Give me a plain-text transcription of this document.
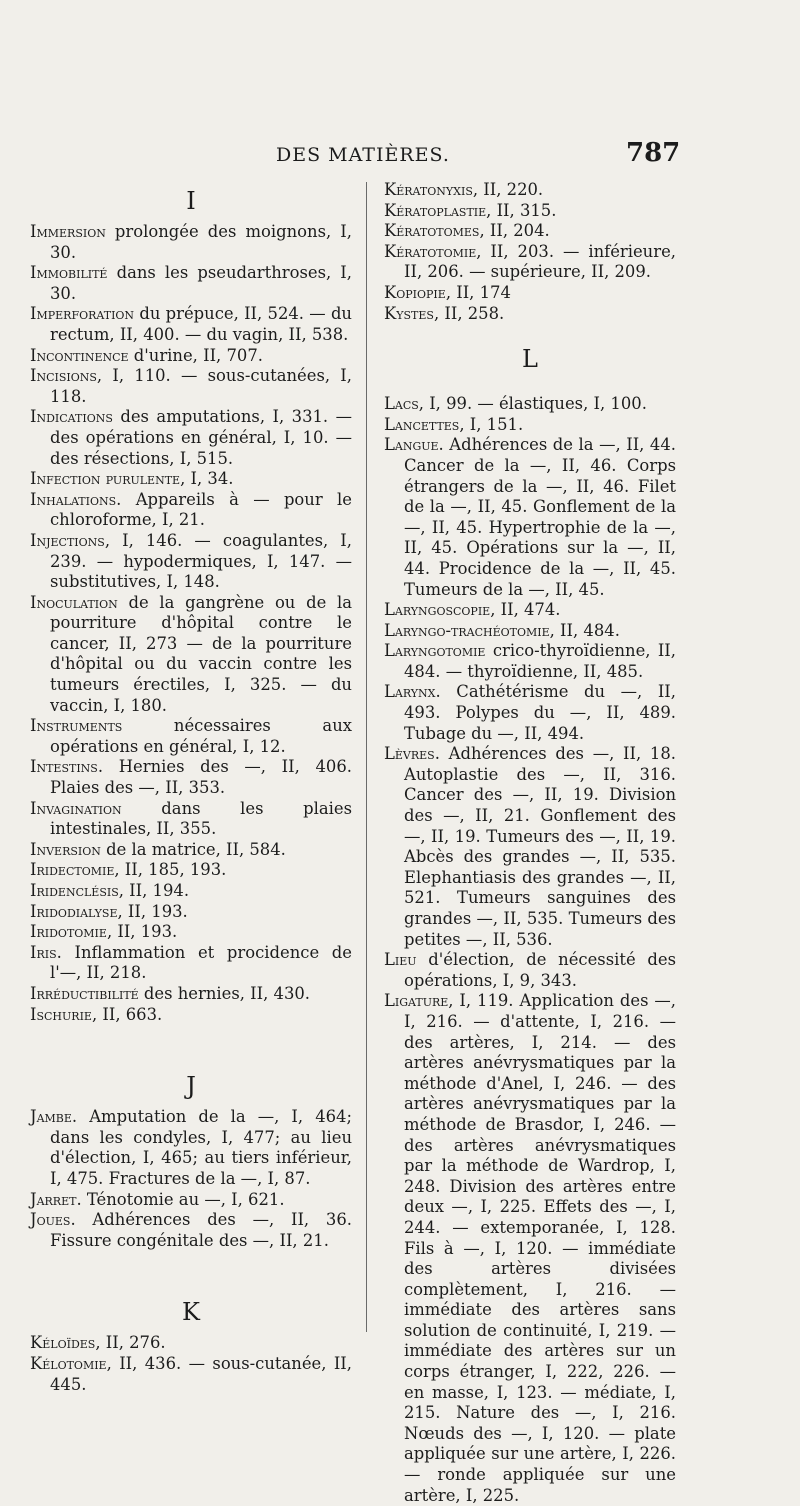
DES MATIÈRES.	787
I
Immersion prolongée des moignons, I, 30.
Immobilité dans les pseudarthroses, I, 30.
Imperforation du prépuce, II, 524. — du rectum, II, 400. — du vagin, II, 538.
Incontinence d'urine, II, 707.
Incisions, I, 110. — sous-cutanées, I, 118.
Indications des amputations, I, 331. — des opérations en général, I, 10. — des résections, I, 515.
Infection purulente, I, 34.
Inhalations. Appareils à — pour le chloroforme, I, 21.
Injections, I, 146. — coagulantes, I, 239. — hypodermiques, I, 147. — substitutives, I, 148.
Inoculation de la gangrène ou de la pourriture d'hôpital contre le cancer, II, 273 — de la pourriture d'hôpital ou du vaccin contre les tumeurs érectiles, I, 325. — du vaccin, I, 180.
Instruments nécessaires aux opérations en général, I, 12.
Intestins. Hernies des —, II, 406. Plaies des —, II, 353.
Invagination dans les plaies intestinales, II, 355.
Inversion de la matrice, II, 584.
Iridectomie, II, 185, 193.
Iridenclésis, II, 194.
Iridodialyse, II, 193.
Iridotomie, II, 193.
Iris. Inflammation et procidence de l'—, II, 218.
Irréductibilité des hernies, II, 430.
Ischurie, II, 663.
J
Jambe. Amputation de la —, I, 464; dans les condyles, I, 477; au lieu d'élection, I, 465; au tiers inférieur, I, 475. Fractures de la —, I, 87.
Jarret. Ténotomie au —, I, 621.
Joues. Adhérences des —, II, 36. Fissure congénitale des —, II, 21.
K
Kéloïdes, II, 276.
Kélotomie, II, 436. — sous-cutanée, II, 445.
Kératonyxis, II, 220.
Kératoplastie, II, 315.
Kératotomes, II, 204.
Kératotomie, II, 203. — inférieure, II, 206. — supérieure, II, 209.
Kopiopie, II, 174
Kystes, II, 258.
L
Lacs, I, 99. — élastiques, I, 100.
Lancettes, I, 151.
Langue. Adhérences de la —, II, 44. Cancer de la —, II, 46. Corps étrangers de la —, II, 46. Filet de la —, II, 45. Gonflement de la —, II, 45. Hypertrophie de la —, II, 45. Opérations sur la —, II, 44. Procidence de la —, II, 45. Tumeurs de la —, II, 45.
Laryngoscopie, II, 474.
Laryngo-trachéotomie, II, 484.
Laryngotomie crico-thyroïdienne, II, 484. — thyroïdienne, II, 485.
Larynx. Cathétérisme du —, II, 493. Polypes du —, II, 489. Tubage du —, II, 494.
Lèvres. Adhérences des —, II, 18. Autoplastie des —, II, 316. Cancer des —, II, 19. Division des —, II, 21. Gonflement des —, II, 19. Tumeurs des —, II, 19. Abcès des grandes —, II, 535. Elephantiasis des grandes —, II, 521. Tumeurs sanguines des grandes —, II, 535. Tumeurs des petites —, II, 536.
Lieu d'élection, de nécessité des opérations, I, 9, 343.
Ligature, I, 119. Application des —, I, 216. — d'attente, I, 216. — des artères, I, 214. — des artères anévrysmatiques par la méthode d'Anel, I, 246. — des artères anévrysmatiques par la méthode de Brasdor, I, 246. — des artères anévrysmatiques par la méthode de Wardrop, I, 248. Division des artères entre deux —, I, 225. Effets des —, I, 244. — extemporanée, I, 128. Fils à —, I, 120. — immédiate des artères divisées complètement, I, 216. — immédiate des artères sans solution de continuité, I, 219. — immédiate des artères sur un corps étranger, I, 222, 226. — en masse, I, 123. — médiate, I, 215. Nature des —, I, 216. Nœuds des —, I, 120. — plate appliquée sur une artère, I, 226. — ronde appliquée sur une artère, I, 225.
